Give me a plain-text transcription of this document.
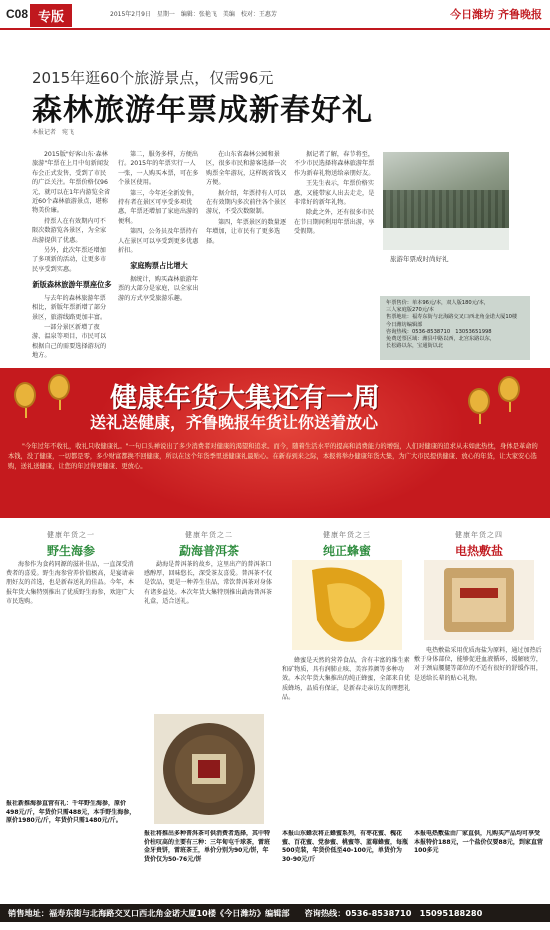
C08 专版	2015年2月9日　星期一　编辑：张艳飞　美编　校对：王惠芳	今日潍坊 齐鲁晚报
2015年逛60个旅游景点，仅需96元
森林旅游年票成新春好礼
本报记者　宛飞

2015版"好客山东·森林旅游"年票在上月中旬新闻发布会正式发售，受到了市民的广泛关注。年票价格仅96元，就可以在1年内游览全省近60个森林旅游景点，堪称物美价廉。

持票人在有效期内可不限次数游览各景区，为全家出游提供了优惠。

另外，此次年票还增加了多项新的活动，让更多市民享受到实惠。

新版森林旅游年票座位多

与去年的森林旅游年票相比，新版年票新增了部分景区，旅游线路更加丰富。

一部分景区新增了夜游、温泉等项目，市民可以根据自己的需要选择游玩的地方。

第二，服务多样，方便出行。2015年的年票实行一人一张，一人购买本票，可在多个景区使用。

第三，今年还全新发售，持有者在景区可享受多项优惠，年票还增加了家庭出游的便利。

第四，公务员及年票持有人在景区可以享受到更多优惠折扣。

家庭购票占比增大

据统计，购买森林旅游年票的大部分是家庭，以全家出游的方式享受旅游乐趣。

在山东省森林公园和景区，很多市民和游客选择一次购票全年游玩，这样既省钱又方便。

据介绍，年票持有人可以在有效期内多次前往各个景区游玩，不受次数限制。

第四，年票景区的数量逐年增加，让市民有了更多选择。

据记者了解，春节将至，不少市民选择将森林旅游年票作为新春礼物送给亲朋好友。

王先生表示，年票价格实惠，又能带家人出去走走，是非常好的新年礼物。

除此之外，还有很多市民在节日期间利用年票出游，享受假期。

旅游年票成时尚好礼
年票售价：单本96元/本，双人版180元/本，
三人家庭版270元/本
售票地址：福寿东街与北海路交叉口西北角金诺大厦10楼
今日潍坊编辑部
咨询热线：0536-8538710　13053651998
免费送票区域：潍县中路以西，北宫东路以东，
长松路以东，宝通街以北
健康年货大集还有一周
送礼送健康，齐鲁晚报年货让你送着放心
"今年过年不收礼，收礼只收健康礼。"一句口头禅说出了多少消费者对健康的渴望和追求。而今，随着生活水平的提高和消费能力的增强，人们对健康的追求从未如此热忱，身体是革命的本钱，没了健康，一切都是零，多少财富都换不回健康，所以在这个年货季里送健康礼最贴心。在新春到来之际，本报将举办健康年货大集，为广大市民提供健康、放心的年货，让大家安心选购，送礼送健康，让您的年过得更健康、更放心。
健康年货之一
野生海参
海参作为食药同源的滋补佳品，一直深受消费者的喜爱。野生海参营养价值极高，是宴请亲朋好友的首选，也是新春送礼的佳品。今年，本报年货大集特别推出了优质野生海参，欢迎广大市民选购。
报社新推海参直营有礼：千年野生海参，原价498元/斤，年货价只需488元，本手野生海参，原价1980元/斤，年货价只需1480元/斤。
健康年货之二
勐海普洱茶
勐海是普洱茶的故乡，这里出产的普洱茶口感醇厚，回味悠长，深受茶友喜爱。普洱茶不仅是饮品，更是一种养生佳品，常饮普洱茶对身体有诸多益处。本次年货大集特别推出勐海普洱茶礼盒，适合送礼。
报社将推出多种普洱茶可供消费者选择，其中特价柱叹高的主要有三种：三年甸屯千球茶，雷班金牙贵饼，雷班茶王，单价分别为90元/饼，年货价仅为50-76元/饼
健康年货之三
纯正蜂蜜
蜂蜜是天然的营养食品，含有丰富的维生素和矿物质，具有润肺止咳、美容养颜等多种功效。本次年货大集推出的纯正蜂蜜，全部来自优质蜂场，品质有保证，是新春走亲访友的理想礼品。
本报山东蜂农将正蜂蜜系列，有枣花蜜、槐花蜜、百花蜜、党参蜜、桃蜜等、蓝莓蜂蜜，每瓶500克装，年货价低至40-100元，单货价为30-90元/斤
健康年货之四
电热敷盐
电热敷盐采用优质海盐为原料，通过加热后敷于身体部位，能够促进血液循环，缓解疲劳，对于颈肩腰腿等部位的不适有很好的舒缓作用，是送给长辈的贴心礼物。
本报电热敷盐由厂家直供，凡购买产品均可享受本报特价188元，一个盐价仅要88元，到家直营100多元
销售地址：福寿东街与北海路交叉口西北角金诺大厦10楼《今日潍坊》编辑部 咨询热线：0536-8538710　15095188280
